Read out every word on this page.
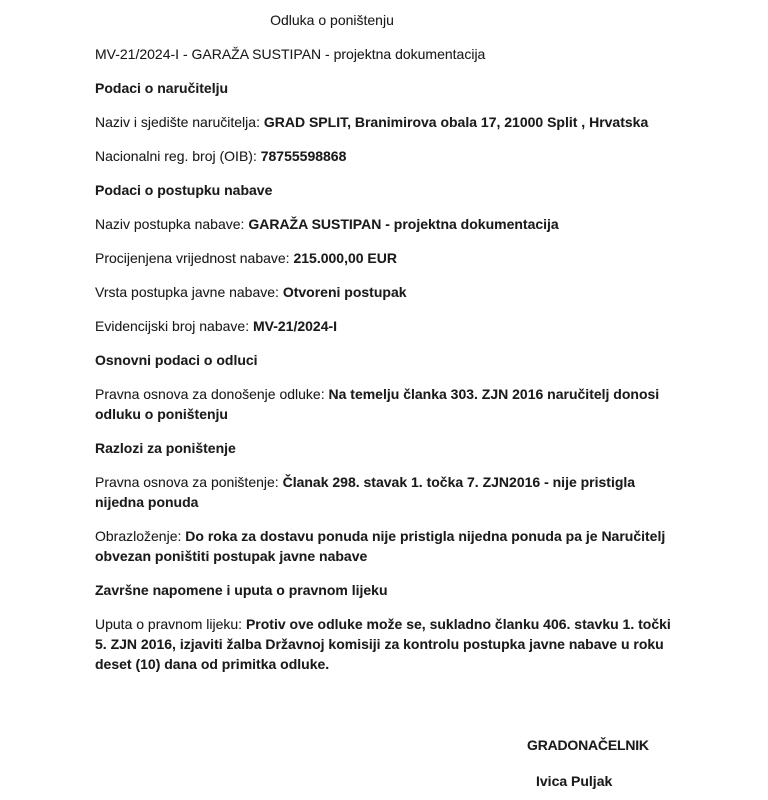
Odluka o poništenju

MV-21/2024-I - GARAŽA SUSTIPAN - projektna dokumentacija

Podaci o naručitelju

Naziv i sjedište naručitelja: GRAD SPLIT, Branimirova obala 17, 21000 Split , Hrvatska

Nacionalni reg. broj (OIB): 78755598868

Podaci o postupku nabave

Naziv postupka nabave: GARAŽA SUSTIPAN - projektna dokumentacija

Procijenjena vrijednost nabave: 215.000,00 EUR

Vrsta postupka javne nabave: Otvoreni postupak

Evidencijski broj nabave: MV-21/2024-I

Osnovni podaci o odluci

Pravna osnova za donošenje odluke: Na temelju članka 303. ZJN 2016 naručitelj donosi odluku o poništenju

Razlozi za poništenje

Pravna osnova za poništenje: Članak 298. stavak 1. točka 7. ZJN2016 - nije pristigla nijedna ponuda

Obrazloženje: Do roka za dostavu ponuda nije pristigla nijedna ponuda pa je Naručitelj obvezan poništiti postupak javne nabave

Završne napomene i uputa o pravnom lijeku

Uputa o pravnom lijeku: Protiv ove odluke može se, sukladno članku 406. stavku 1. točki 5. ZJN 2016, izjaviti žalba Državnoj komisiji za kontrolu postupka javne nabave u roku deset (10) dana od primitka odluke.

GRADONAČELNIK

Ivica Puljak
